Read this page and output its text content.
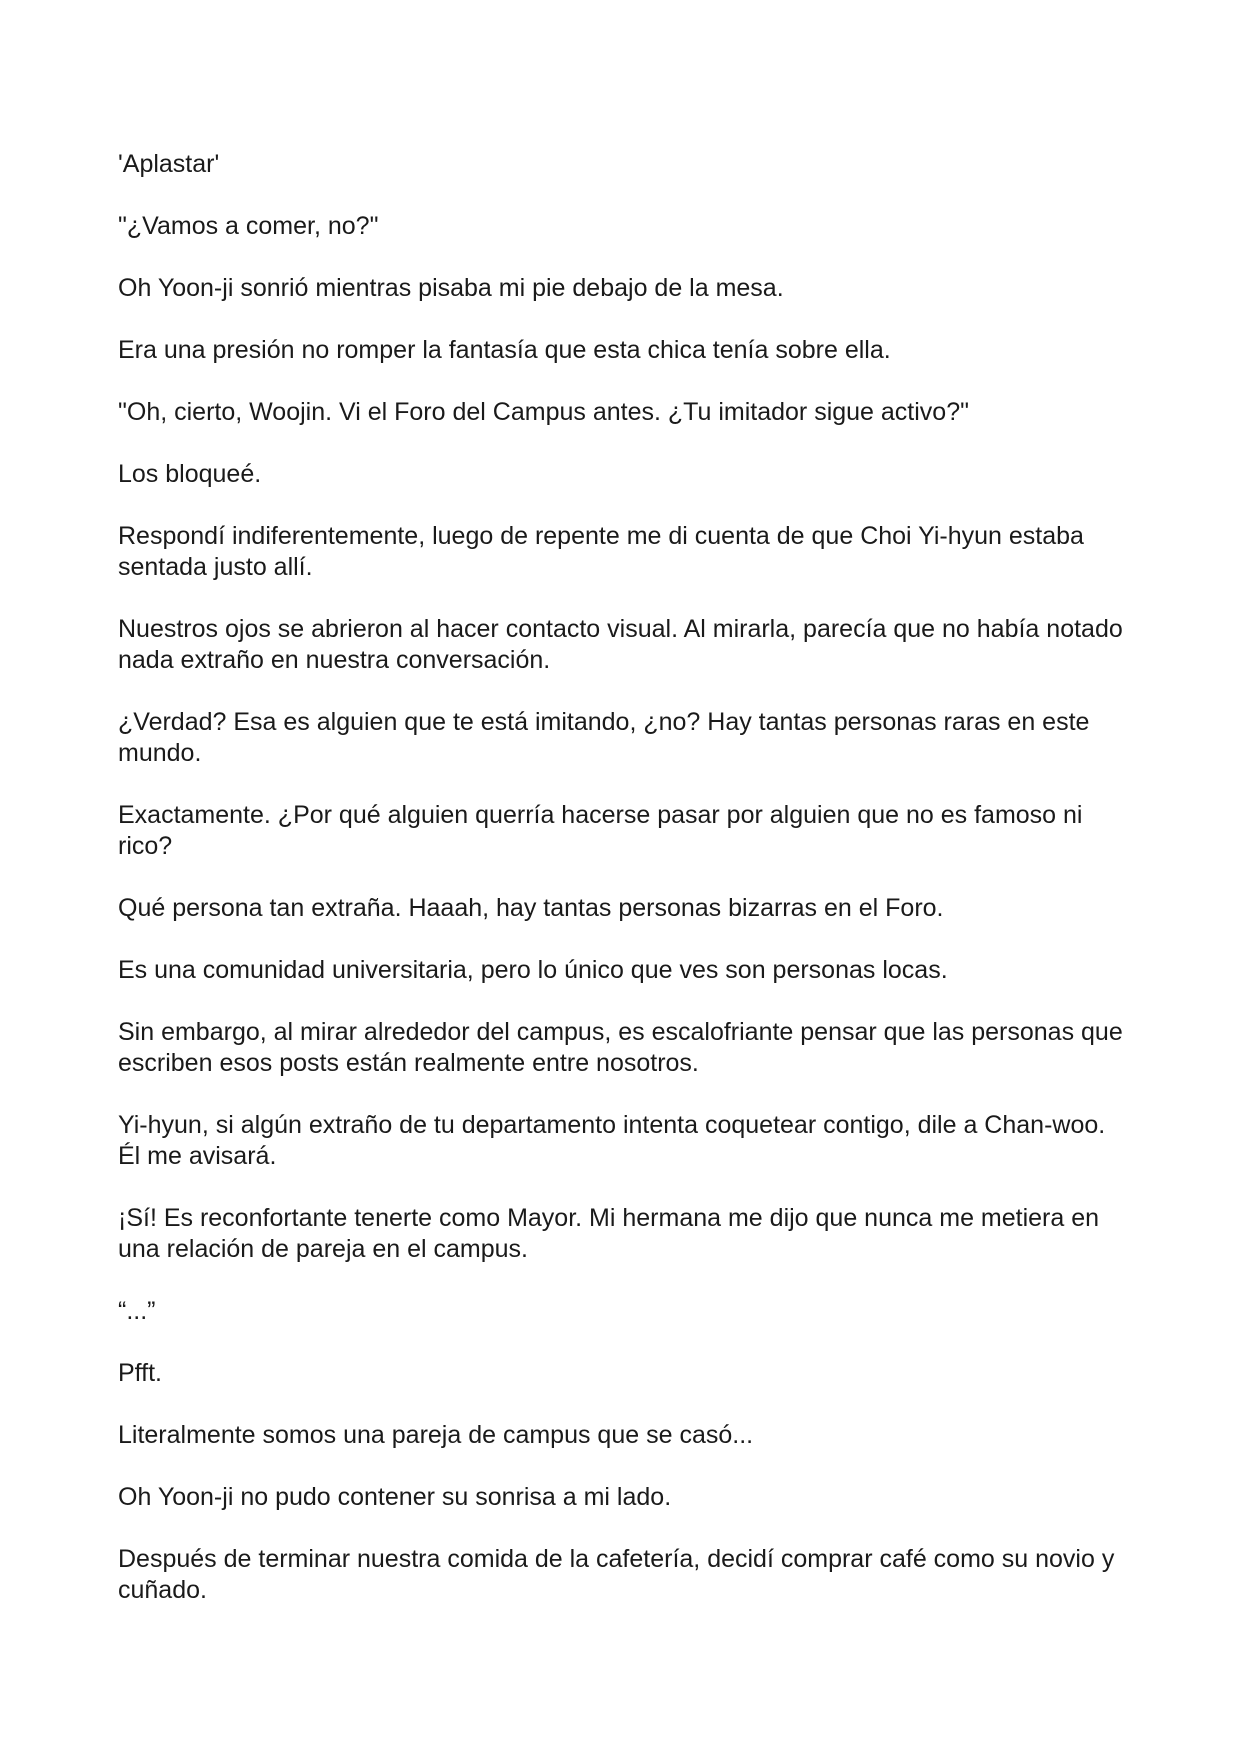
'Aplastar'

"¿Vamos a comer, no?"

Oh Yoon-ji sonrió mientras pisaba mi pie debajo de la mesa.

Era una presión no romper la fantasía que esta chica tenía sobre ella.

"Oh, cierto, Woojin. Vi el Foro del Campus antes. ¿Tu imitador sigue activo?"

Los bloqueé.

Respondí indiferentemente, luego de repente me di cuenta de que Choi Yi-hyun estaba sentada justo allí.

Nuestros ojos se abrieron al hacer contacto visual. Al mirarla, parecía que no había notado nada extraño en nuestra conversación.

¿Verdad? Esa es alguien que te está imitando, ¿no? Hay tantas personas raras en este mundo.

Exactamente. ¿Por qué alguien querría hacerse pasar por alguien que no es famoso ni rico?

Qué persona tan extraña. Haaah, hay tantas personas bizarras en el Foro.

Es una comunidad universitaria, pero lo único que ves son personas locas.

Sin embargo, al mirar alrededor del campus, es escalofriante pensar que las personas que escriben esos posts están realmente entre nosotros.

Yi-hyun, si algún extraño de tu departamento intenta coquetear contigo, dile a Chan-woo. Él me avisará.

¡Sí! Es reconfortante tenerte como Mayor. Mi hermana me dijo que nunca me metiera en una relación de pareja en el campus.

“...”

Pfft.

Literalmente somos una pareja de campus que se casó...

Oh Yoon-ji no pudo contener su sonrisa a mi lado.

Después de terminar nuestra comida de la cafetería, decidí comprar café como su novio y cuñado.
